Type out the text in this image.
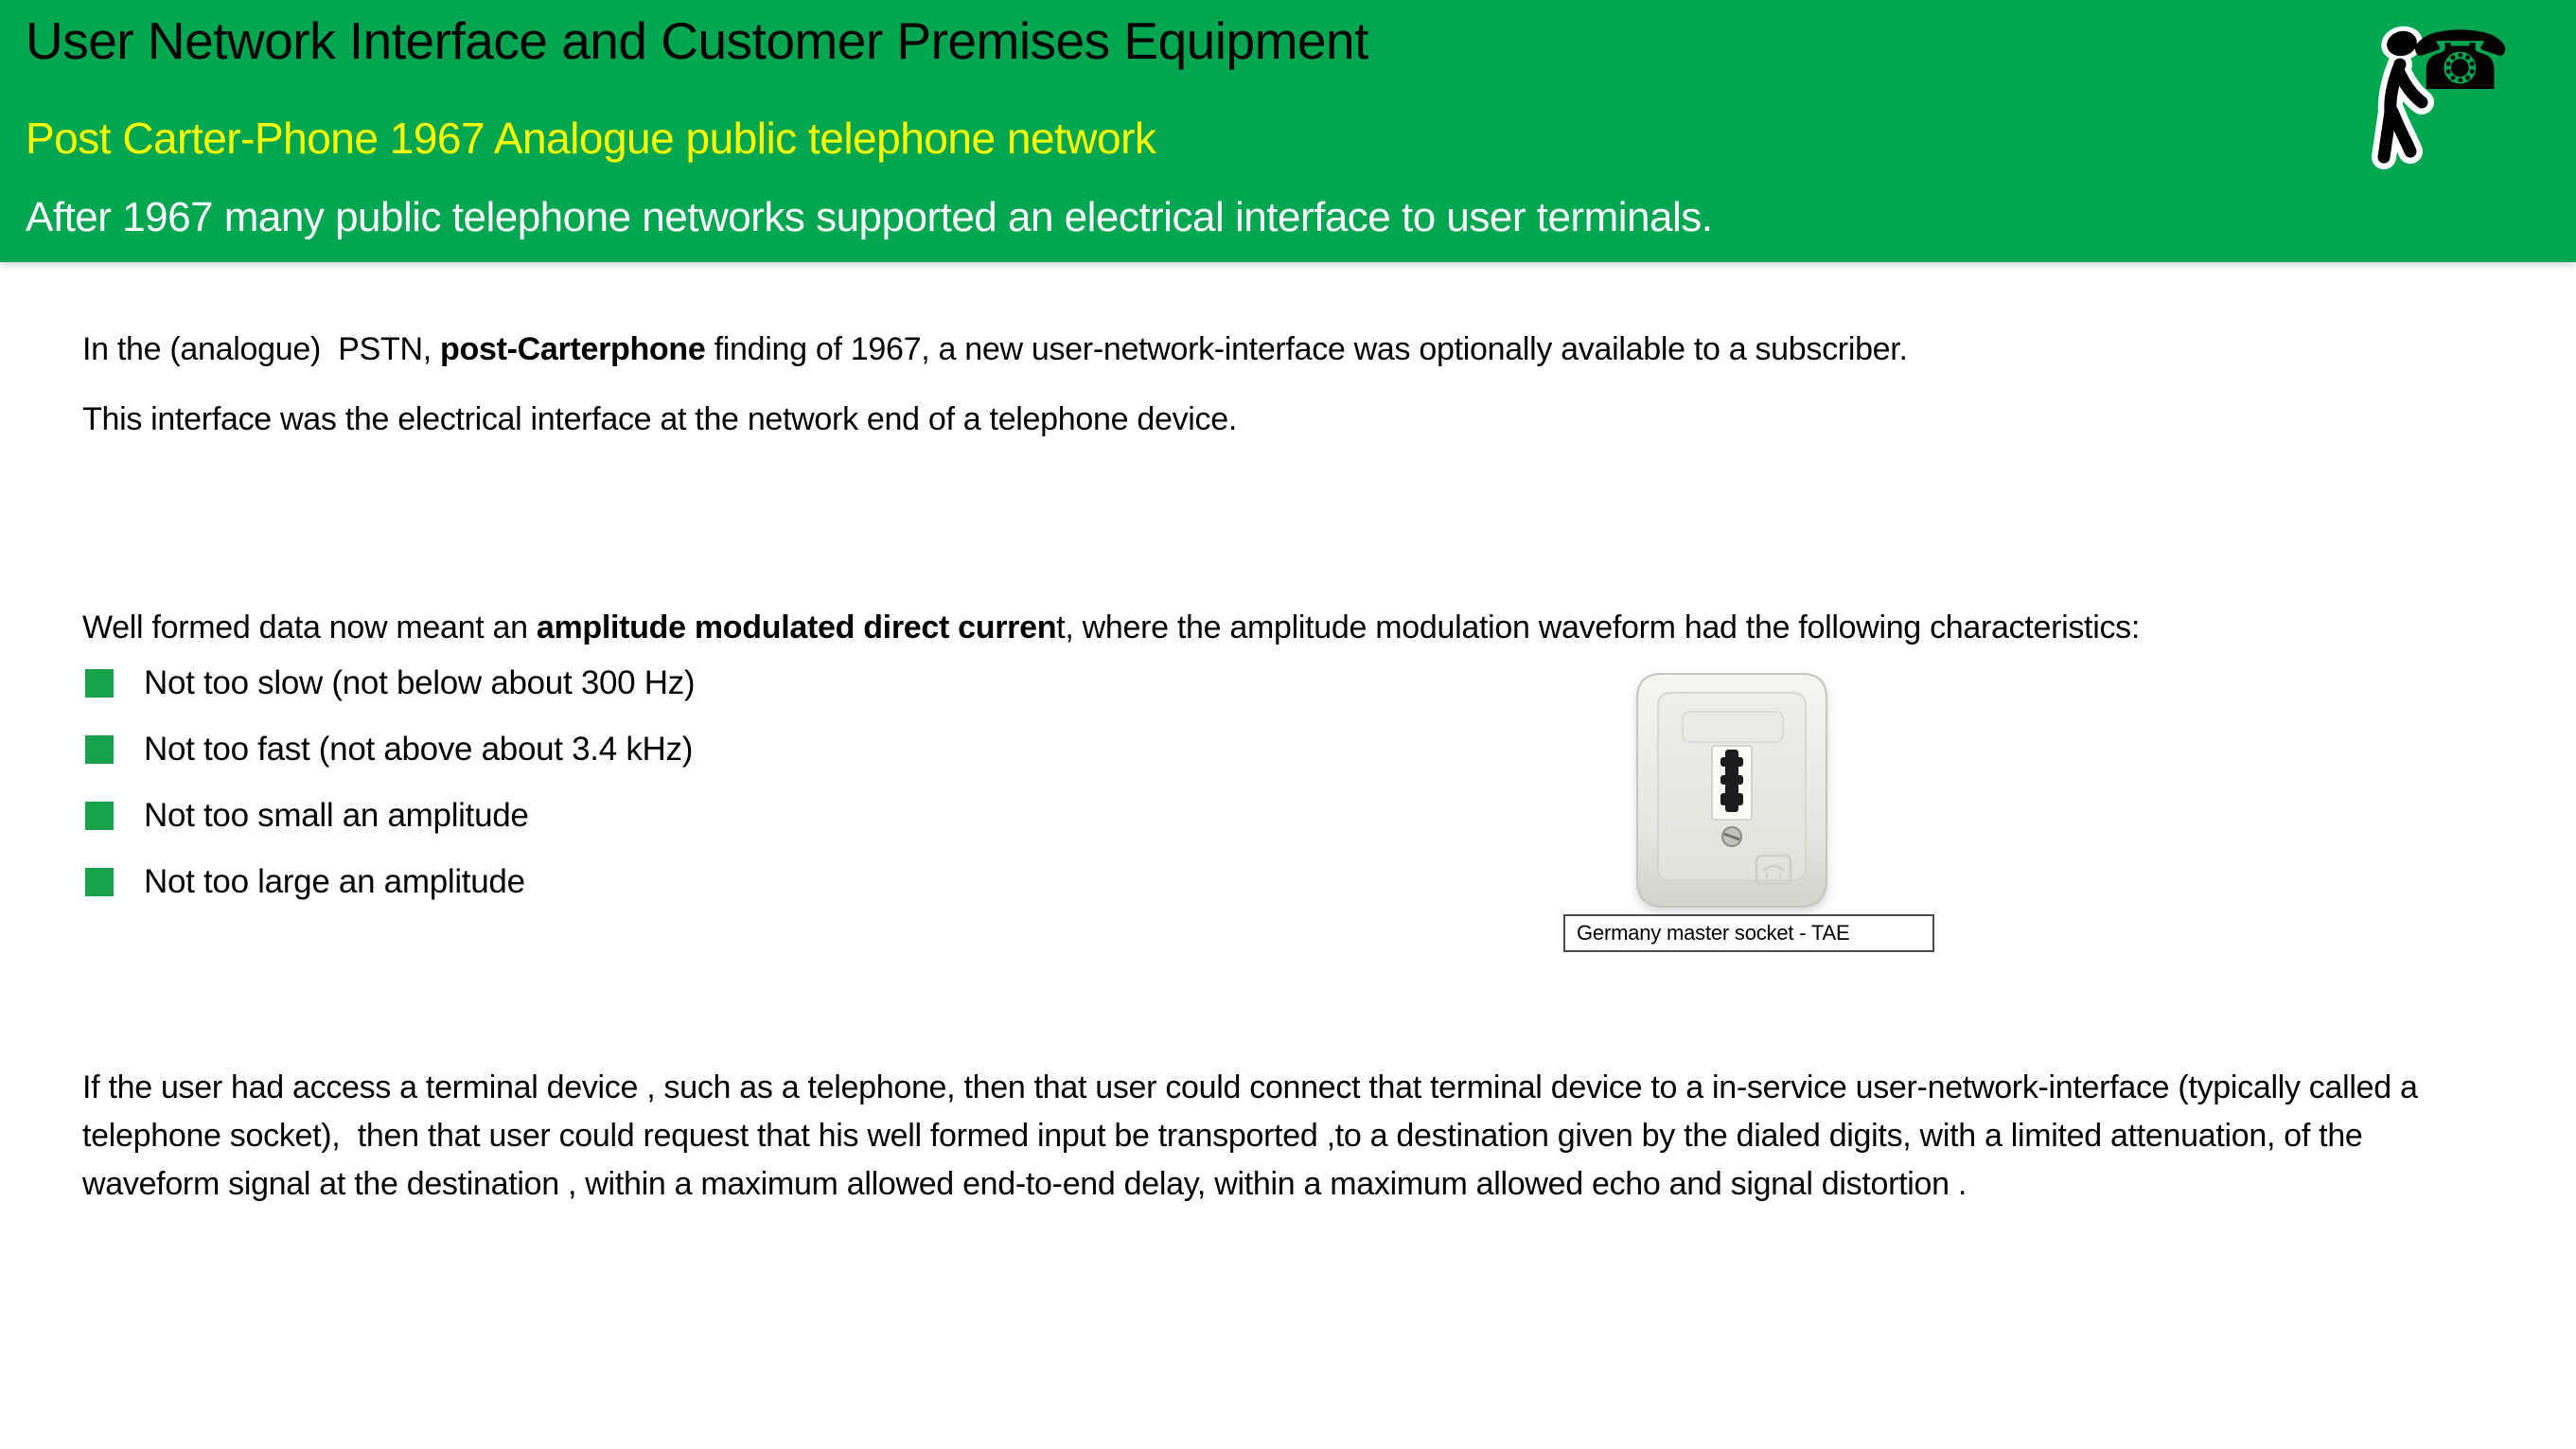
User Network Interface and Customer Premises Equipment
Post Carter-Phone 1967 Analogue public telephone network
After 1967 many public telephone networks supported an electrical interface to user terminals.
☎
In the (analogue)  PSTN, post-Carterphone finding of 1967, a new user-network-interface was optionally available to a subscriber.
This interface was the electrical interface at the network end of a telephone device.
Well formed data now meant an amplitude modulated direct current, where the amplitude modulation waveform had the following characteristics:
Not too slow (not below about 300 Hz)
Not too fast (not above about 3.4 kHz)
Not too small an amplitude
Not too large an amplitude
Germany master socket - TAE
If the user had access a terminal device , such as a telephone, then that user could connect that terminal device to a in-service user-network-interface (typically called a telephone socket),  then that user could request that his well formed input be transported ,to a destination given by the dialed digits, with a limited attenuation, of the waveform signal at the destination , within a maximum allowed end-to-end delay, within a maximum allowed echo and signal distortion .
